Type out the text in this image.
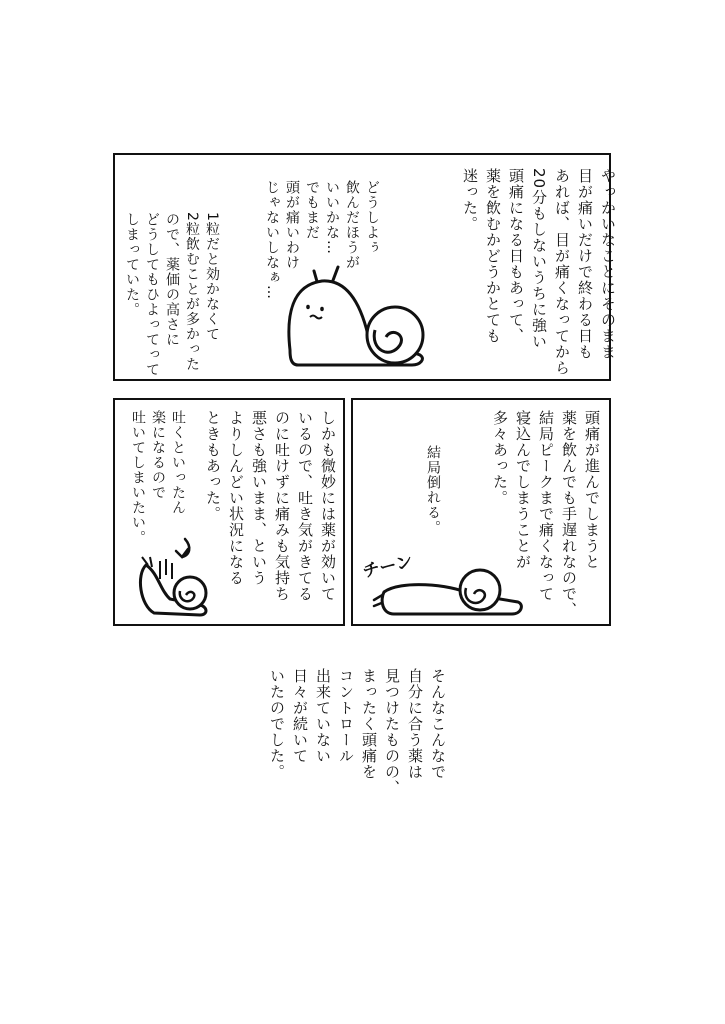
やっかいなことにそのまま
目が痛いだけで終わる日も
あれば、目が痛くなってから
20分もしないうちに強い
頭痛になる日もあって、
薬を飲むかどうかとても
迷った。
どうしよぅ
飲んだほうが
いいかな…
でもまだ
頭が痛いわけ
じゃないしなぁ…
1粒だと効かなくて
2粒飲むことが多かった
ので、薬価の高さに
どうしてもひよってって
しまっていた。
頭痛が進んでしまうと
薬を飲んでも手遅れなので、
結局ピークまで痛くなって
寝込んでしまうことが
多々あった。
結局倒れる。
チーン
しかも微妙には薬が効いて
いるので、吐き気がきてる
のに吐けずに痛みも気持ち
悪さも強いまま、という
よりしんどい状況になる
ときもあった。
吐くといったん
楽になるので
吐いてしまいたい。
そんなこんなで
自分に合う薬は
見つけたものの、
まったく頭痛を
コントロール
出来ていない
日々が続いて
いたのでした。
